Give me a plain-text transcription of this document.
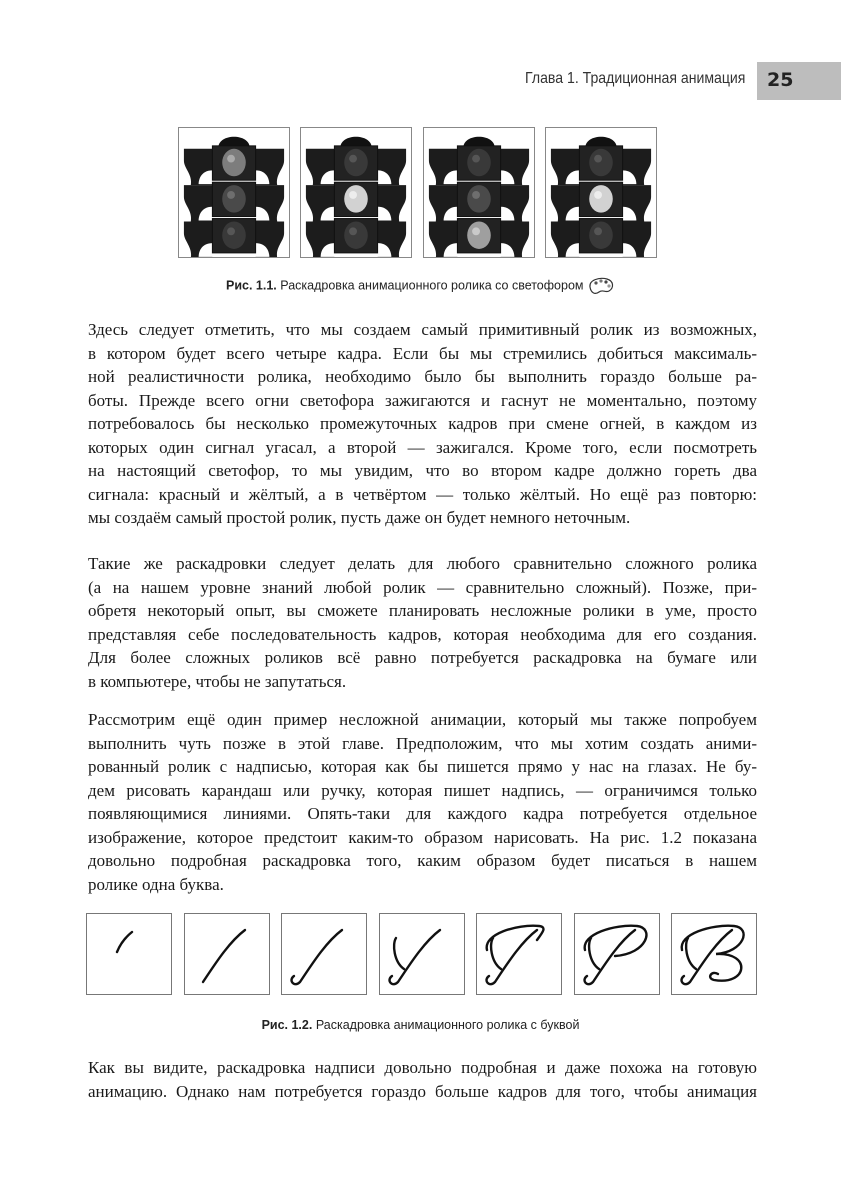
Глава 1. Традиционная анимация	25
Рис. 1.1. Раскадровка анимационного ролика со светофором
Здесь следует отметить, что мы создаем самый примитивный ролик из возможных,
в котором будет всего четыре кадра. Если бы мы стремились добиться максималь-
ной реалистичности ролика, необходимо было бы выполнить гораздо больше ра-
боты. Прежде всего огни светофора зажигаются и гаснут не моментально, поэтому
потребовалось бы несколько промежуточных кадров при смене огней, в каждом из
которых один сигнал угасал, а второй — зажигался. Кроме того, если посмотреть
на настоящий светофор, то мы увидим, что во втором кадре должно гореть два
сигнала: красный и жёлтый, а в четвёртом — только жёлтый. Но ещё раз повторю:
мы создаём самый простой ролик, пусть даже он будет немного неточным.
Такие же раскадровки следует делать для любого сравнительно сложного ролика
(а на нашем уровне знаний любой ролик — сравнительно сложный). Позже, при-
обретя некоторый опыт, вы сможете планировать несложные ролики в уме, просто
представляя себе последовательность кадров, которая необходима для его создания.
Для более сложных роликов всё равно потребуется раскадровка на бумаге или
в компьютере, чтобы не запутаться.
Рассмотрим ещё один пример несложной анимации, который мы также попробуем
выполнить чуть позже в этой главе. Предположим, что мы хотим создать аними-
рованный ролик с надписью, которая как бы пишется прямо у нас на глазах. Не бу-
дем рисовать карандаш или ручку, которая пишет надпись, — ограничимся только
появляющимися линиями. Опять-таки для каждого кадра потребуется отдельное
изображение, которое предстоит каким-то образом нарисовать. На рис. 1.2 показана
довольно подробная раскадровка того, каким образом будет писаться в нашем
ролике одна буква.
Рис. 1.2. Раскадровка анимационного ролика с буквой
Как вы видите, раскадровка надписи довольно подробная и даже похожа на готовую
анимацию. Однако нам потребуется гораздо больше кадров для того, чтобы анимация
